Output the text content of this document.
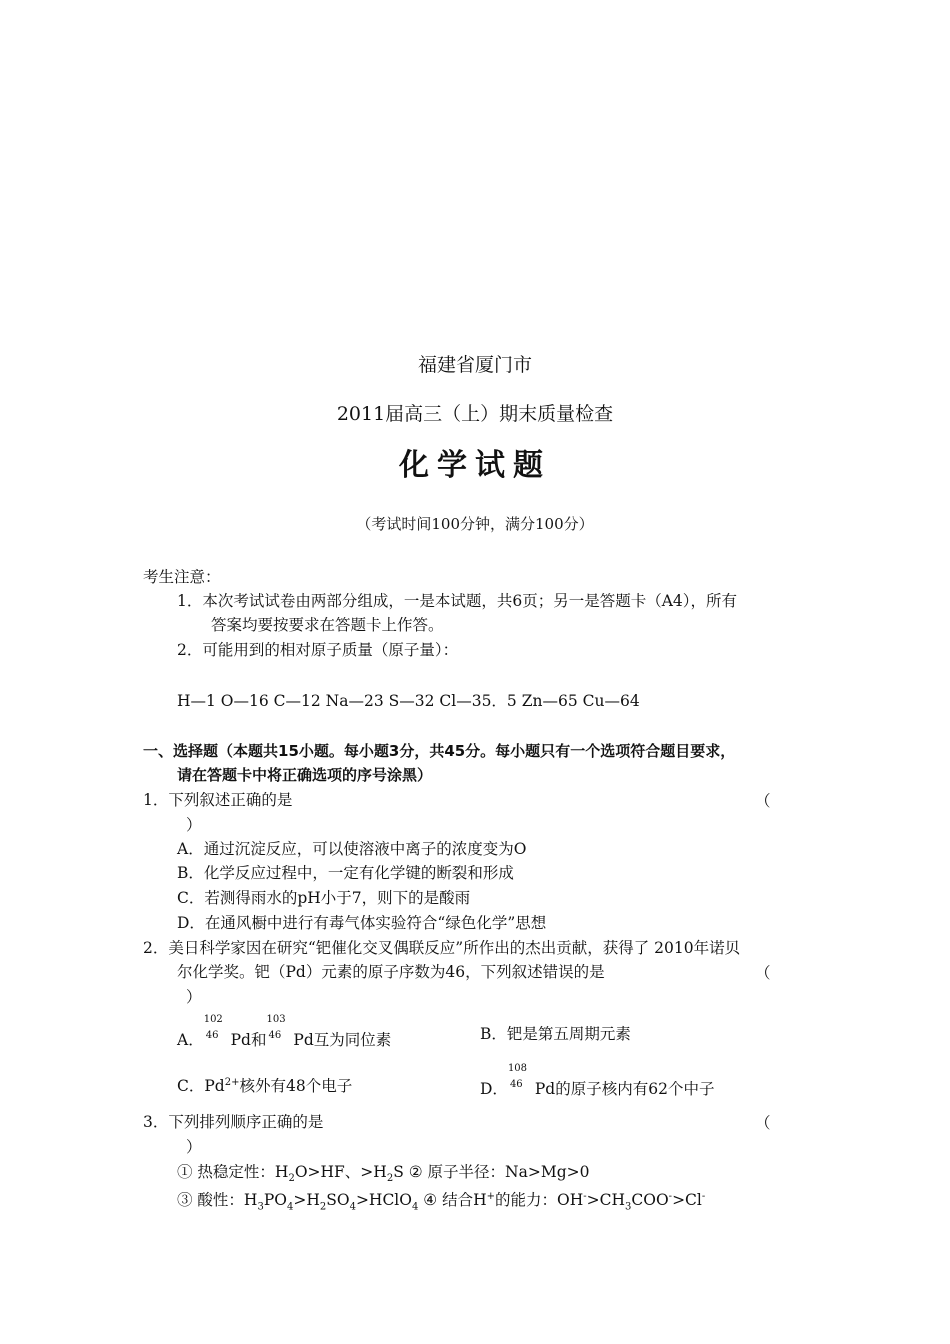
福建省厦门市
2011届高三（上）期末质量检查
化学试题
（考试时间100分钟，满分100分）
考生注意：
1．本次考试试卷由两部分组成，一是本试题，共6页；另一是答题卡（A4），所有
答案均要按要求在答题卡上作答。
2．可能用到的相对原子质量（原子量）：
H—1 O—16 C—12 Na—23 S—32 Cl—35．5 Zn—65 Cu—64
一、选择题（本题共15小题。每小题3分，共45分。每小题只有一个选项符合题目要求，
请在答题卡中将正确选项的序号涂黑）
1．下列叙述正确的是	（
）
A．通过沉淀反应，可以使溶液中离子的浓度变为O
B．化学反应过程中，一定有化学键的断裂和形成
C．若测得雨水的pH小于7，则下的是酸雨
D．在通风橱中进行有毒气体实验符合“绿色化学”思想
2．美日科学家因在研究“钯催化交叉偶联反应”所作出的杰出贡献，获得了 2010年诺贝
尔化学奖。钯（Pd）元素的原子序数为46，下列叙述错误的是	（
）
A．
102
46 Pd和
103
46 Pd互为同位素	B．钯是第五周期元素
C．$Pd^{2+}$核外有48个电子	D．
108
46 Pd的原子核内有62个中子
3．下列排列顺序正确的是	（
）
① 热稳定性：$H_2O>HF$、$>H_2S$ ② 原子半径：Na>Mg>0
③ 酸性：$H_3PO_4>H_2SO_4>HClO_4$ ④ 结合H+的能力：$OH^->CH_3COO^->Cl^-$
